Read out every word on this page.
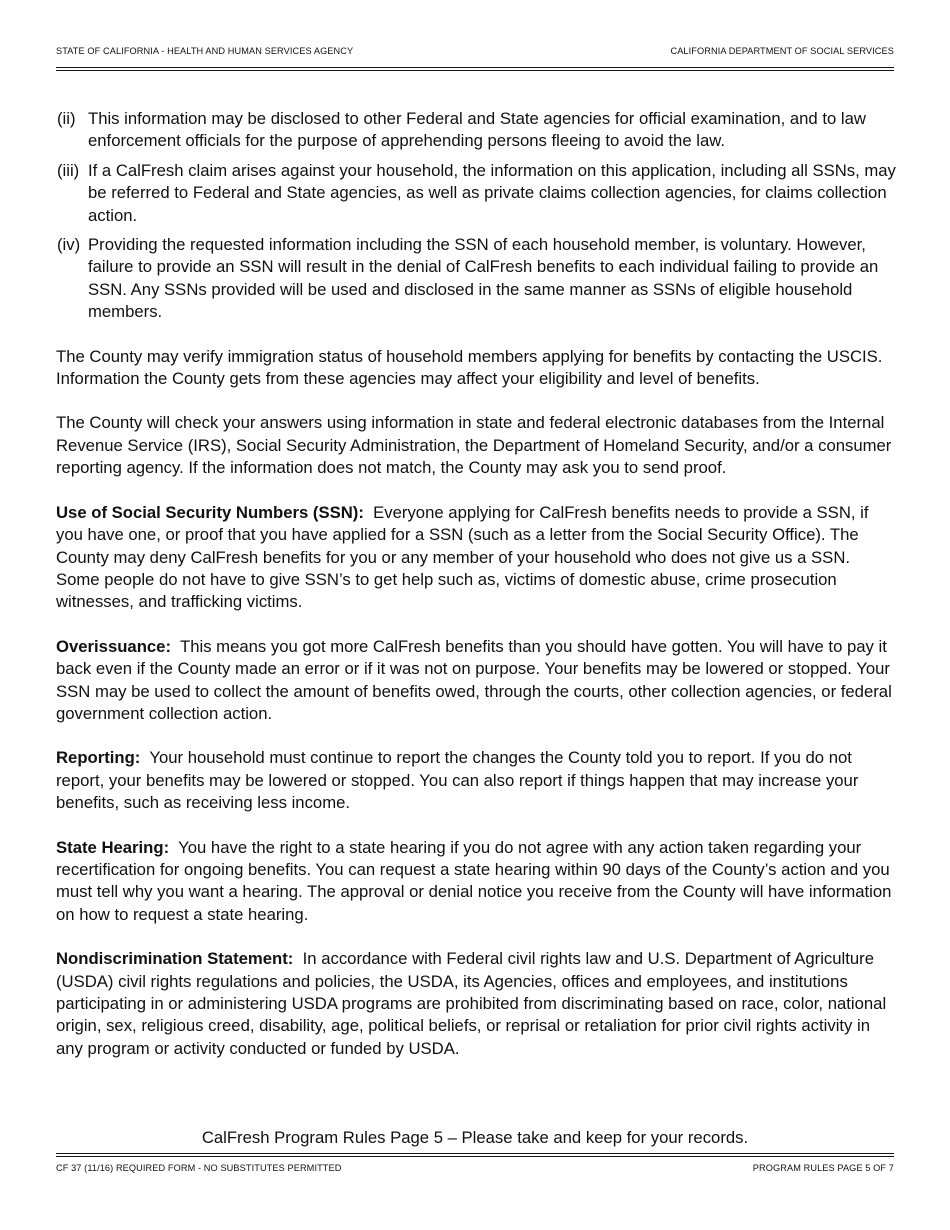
STATE OF CALIFORNIA - HEALTH AND HUMAN SERVICES AGENCY	CALIFORNIA DEPARTMENT OF SOCIAL SERVICES
(ii) This information may be disclosed to other Federal and State agencies for official examination, and to law enforcement officials for the purpose of apprehending persons fleeing to avoid the law.
(iii) If a CalFresh claim arises against your household, the information on this application, including all SSNs, may be referred to Federal and State agencies, as well as private claims collection agencies, for claims collection action.
(iv) Providing the requested information including the SSN of each household member, is voluntary. However, failure to provide an SSN will result in the denial of CalFresh benefits to each individual failing to provide an SSN. Any SSNs provided will be used and disclosed in the same manner as SSNs of eligible household members.

The County may verify immigration status of household members applying for benefits by contacting the USCIS. Information the County gets from these agencies may affect your eligibility and level of benefits.

The County will check your answers using information in state and federal electronic databases from the Internal Revenue Service (IRS), Social Security Administration, the Department of Homeland Security, and/or a consumer reporting agency. If the information does not match, the County may ask you to send proof.

Use of Social Security Numbers (SSN): Everyone applying for CalFresh benefits needs to provide a SSN, if you have one, or proof that you have applied for a SSN (such as a letter from the Social Security Office). The County may deny CalFresh benefits for you or any member of your household who does not give us a SSN. Some people do not have to give SSN’s to get help such as, victims of domestic abuse, crime prosecution witnesses, and trafficking victims.

Overissuance: This means you got more CalFresh benefits than you should have gotten. You will have to pay it back even if the County made an error or if it was not on purpose. Your benefits may be lowered or stopped. Your SSN may be used to collect the amount of benefits owed, through the courts, other collection agencies, or federal government collection action.

Reporting: Your household must continue to report the changes the County told you to report. If you do not report, your benefits may be lowered or stopped. You can also report if things happen that may increase your benefits, such as receiving less income.

State Hearing: You have the right to a state hearing if you do not agree with any action taken regarding your recertification for ongoing benefits. You can request a state hearing within 90 days of the County’s action and you must tell why you want a hearing. The approval or denial notice you receive from the County will have information on how to request a state hearing.

Nondiscrimination Statement: In accordance with Federal civil rights law and U.S. Department of Agriculture (USDA) civil rights regulations and policies, the USDA, its Agencies, offices and employees, and institutions participating in or administering USDA programs are prohibited from discriminating based on race, color, national origin, sex, religious creed, disability, age, political beliefs, or reprisal or retaliation for prior civil rights activity in any program or activity conducted or funded by USDA.

CalFresh Program Rules Page 5 – Please take and keep for your records.
CF 37 (11/16) REQUIRED FORM - NO SUBSTITUTES PERMITTED	PROGRAM RULES PAGE 5 OF 7
